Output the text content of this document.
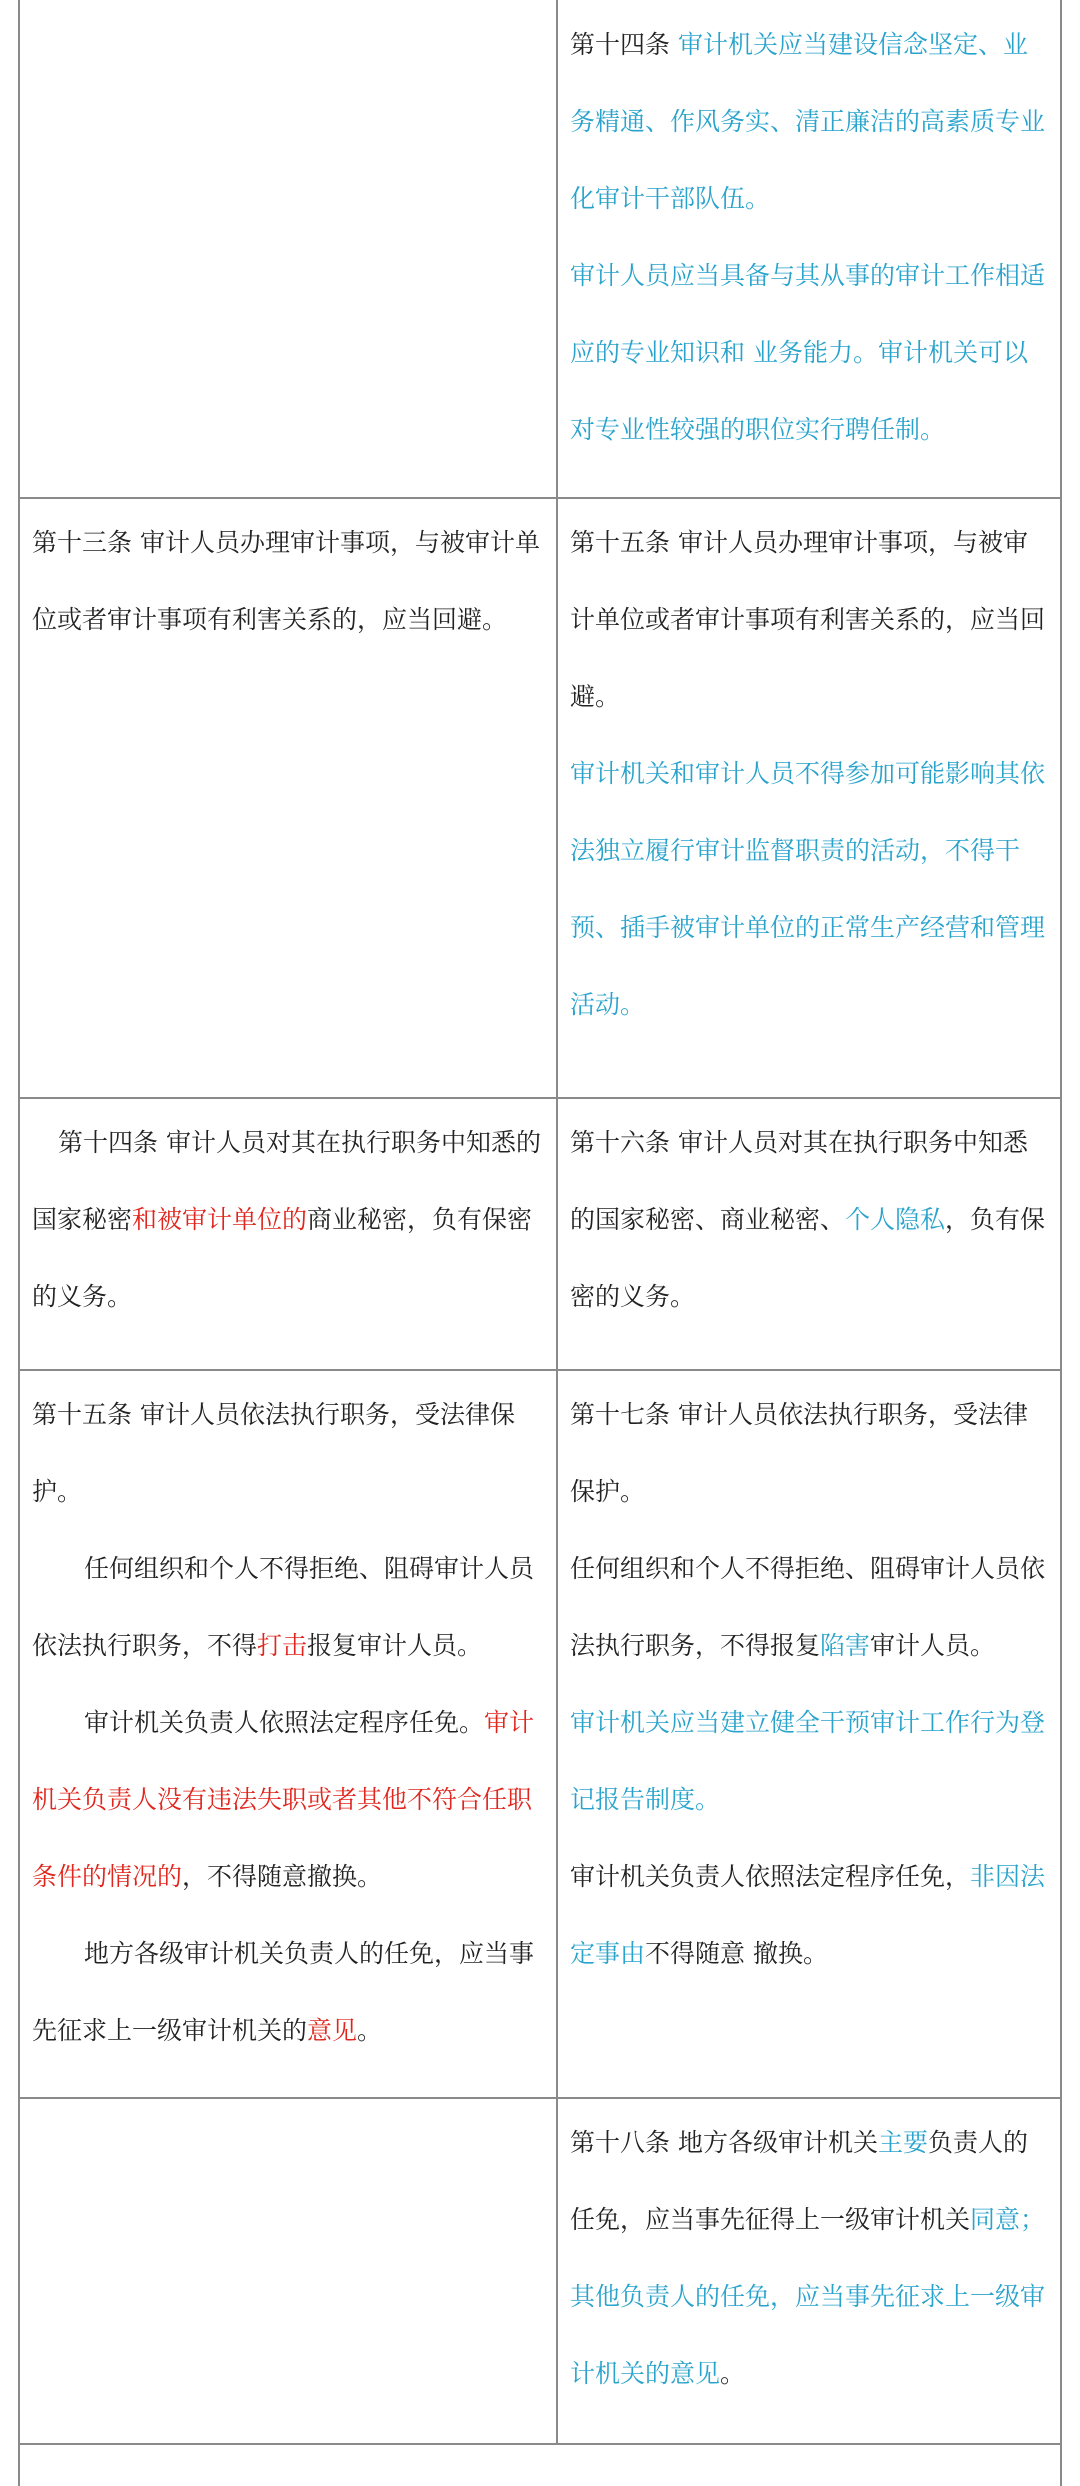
第十四条 审计机关应当建设信念坚定、业务精通、作风务实、清正廉洁的高素质专业化审计干部队伍。

审计人员应当具备与其从事的审计工作相适应的专业知识和 业务能力。审计机关可以对专业性较强的职位实行聘任制。

第十三条 审计人员办理审计事项，与被审计单位或者审计事项有利害关系的，应当回避。

第十五条 审计人员办理审计事项，与被审计单位或者审计事项有利害关系的，应当回避。

审计机关和审计人员不得参加可能影响其依法独立履行审计监督职责的活动，不得干预、插手被审计单位的正常生产经营和管理活动。

第十四条 审计人员对其在执行职务中知悉的国家秘密和被审计单位的商业秘密，负有保密的义务。

第十六条 审计人员对其在执行职务中知悉的国家秘密、商业秘密、个人隐私，负有保密的义务。

第十五条 审计人员依法执行职务，受法律保护。

任何组织和个人不得拒绝、阻碍审计人员依法执行职务，不得打击报复审计人员。

审计机关负责人依照法定程序任免。审计机关负责人没有违法失职或者其他不符合任职条件的情况的，不得随意撤换。

地方各级审计机关负责人的任免，应当事先征求上一级审计机关的意见。

第十七条 审计人员依法执行职务，受法律保护。

任何组织和个人不得拒绝、阻碍审计人员依法执行职务，不得报复陷害审计人员。

审计机关应当建立健全干预审计工作行为登记报告制度。

审计机关负责人依照法定程序任免，非因法定事由不得随意 撤换。

第十八条 地方各级审计机关主要负责人的任免，应当事先征得上一级审计机关同意；其他负责人的任免，应当事先征求上一级审计机关的意见。
